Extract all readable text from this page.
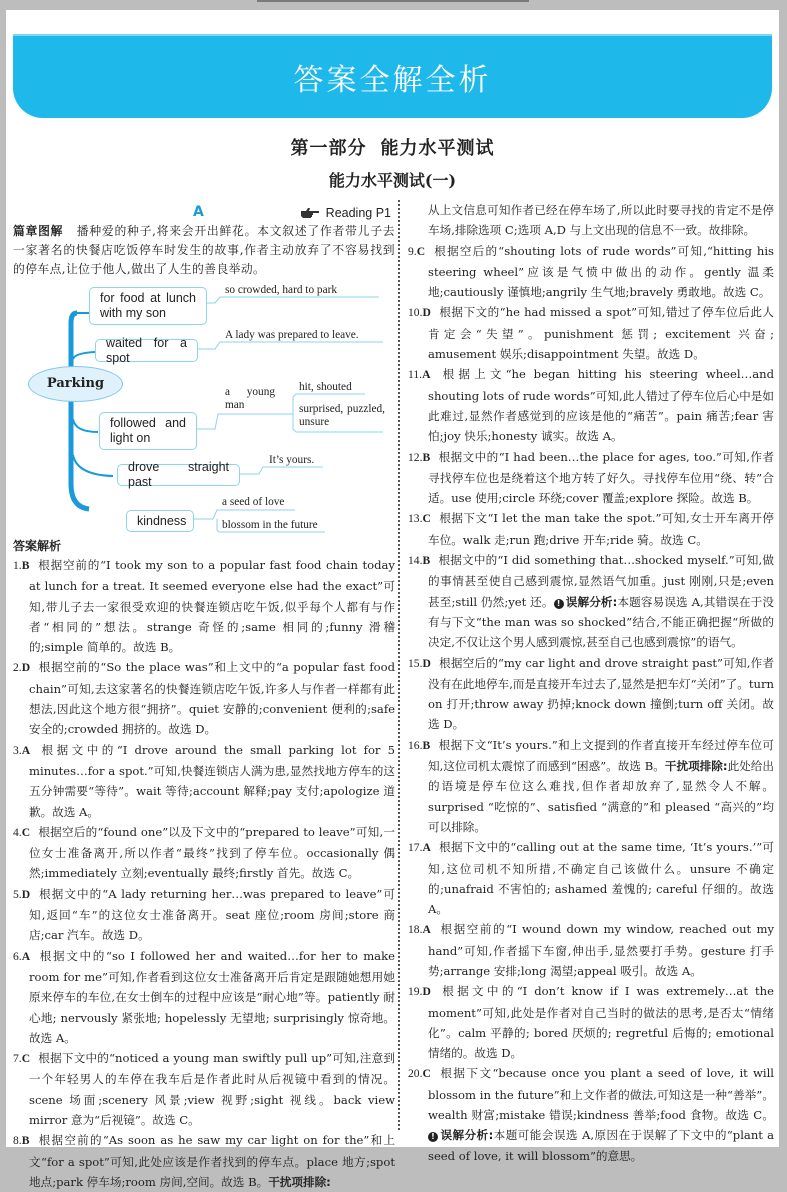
答案全解全析
第一部分 能力水平测试
能力水平测试(一)
A	Reading P1
篇章图解 播种爱的种子,将来会开出鲜花。本文叙述了作者带儿子去一家著名的快餐店吃饭停车时发生的故事,作者主动放弃了不容易找到的停车点,让位于他人,做出了人生的善良举动。
Parking
for food at lunch with my son
waited for a spot
followed and light on
drove straight past
kindness
so crowded, hard to park
A lady was prepared to leave.
a young man
hit, shouted
surprised, puzzled, unsure
It’s yours.
a seed of love
blossom in the future
答案解析
1.B 根据空前的“I took my son to a popular fast food chain today at lunch for a treat. It seemed everyone else had the exact”可知,带儿子去一家很受欢迎的快餐连锁店吃午饭,似乎每个人都有与作者“相同的”想法。strange 奇怪的;same 相同的;funny 滑稽的;simple 简单的。故选 B。
2.D 根据空前的“So the place was”和上文中的“a popular fast food chain”可知,去这家著名的快餐连锁店吃午饭,许多人与作者一样都有此想法,因此这个地方很“拥挤”。quiet 安静的;convenient 便利的;safe 安全的;crowded 拥挤的。故选 D。
3.A 根据文中的“I drove around the small parking lot for 5 minutes…for a spot.”可知,快餐连锁店人满为患,显然找地方停车的这五分钟需要“等待”。wait 等待;account 解释;pay 支付;apologize 道歉。故选 A。
4.C 根据空后的“found one”以及下文中的“prepared to leave”可知,一位女士准备离开,所以作者“最终”找到了停车位。occasionally 偶然;immediately 立刻;eventually 最终;firstly 首先。故选 C。
5.D 根据文中的“A lady returning her…was prepared to leave”可知,返回“车”的这位女士准备离开。seat 座位;room 房间;store 商店;car 汽车。故选 D。
6.A 根据文中的“so I followed her and waited…for her to make room for me”可知,作者看到这位女士准备离开后肯定是跟随她想用她原来停车的车位,在女士倒车的过程中应该是“耐心地”等。patiently 耐心地; nervously 紧张地; hopelessly 无望地; surprisingly 惊奇地。故选 A。
7.C 根据下文中的“noticed a young man swiftly pull up”可知,注意到一个年轻男人的车停在我车后是作者此时从后视镜中看到的情况。scene 场面;scenery 风景;view 视野;sight 视线。back view mirror 意为“后视镜”。故选 C。
8.B 根据空前的“As soon as he saw my car light on for the”和上文“for a spot”可知,此处应该是作者找到的停车点。place 地方;spot 地点;park 停车场;room 房间,空间。故选 B。干扰项排除:
从上文信息可知作者已经在停车场了,所以此时要寻找的肯定不是停车场,排除选项 C;选项 A,D 与上文出现的信息不一致。故排除。
9.C 根据空后的“shouting lots of rude words”可知,“hitting his steering wheel”应该是气愤中做出的动作。gently 温柔地;cautiously 谨慎地;angrily 生气地;bravely 勇敢地。故选 C。
10.D 根据下文的“he had missed a spot”可知,错过了停车位后此人肯定会“失望”。punishment 惩罚; excitement 兴奋; amusement 娱乐;disappointment 失望。故选 D。
11.A 根据上文“he began hitting his steering wheel…and shouting lots of rude words”可知,此人错过了停车位后心中是如此难过,显然作者感觉到的应该是他的“痛苦”。pain 痛苦;fear 害怕;joy 快乐;honesty 诚实。故选 A。
12.B 根据文中的“I had been…the place for ages, too.”可知,作者寻找停车位也是绕着这个地方转了好久。寻找停车位用“绕、转”合适。use 使用;circle 环绕;cover 覆盖;explore 探险。故选 B。
13.C 根据下文“I let the man take the spot.”可知,女士开车离开停车位。walk 走;run 跑;drive 开车;ride 骑。故选 C。
14.B 根据文中的“I did something that…shocked myself.”可知,做的事情甚至使自己感到震惊,显然语气加重。just 刚刚,只是;even 甚至;still 仍然;yet 还。 ! 误解分析:本题容易误选 A,其错误在于没有与下文“the man was so shocked”结合,不能正确把握“所做的决定,不仅让这个男人感到震惊,甚至自己也感到震惊”的语气。
15.D 根据空后的“my car light and drove straight past”可知,作者没有在此地停车,而是直接开车过去了,显然是把车灯“关闭”了。turn on 打开;throw away 扔掉;knock down 撞倒;turn off 关闭。故选 D。
16.B 根据下文“It’s yours.”和上文提到的作者直接开车经过停车位可知,这位司机太震惊了而感到“困惑”。故选 B。干扰项排除:此处给出的语境是停车位这么难找,但作者却放弃了,显然令人不解。surprised “吃惊的”、satisfied “满意的”和 pleased “高兴的”均可以排除。
17.A 根据下文中的“calling out at the same time, ‘It’s yours.’”可知,这位司机不知所措,不确定自己该做什么。unsure 不确定的;unafraid 不害怕的; ashamed 羞愧的; careful 仔细的。故选 A。
18.A 根据空前的“I wound down my window, reached out my hand”可知,作者摇下车窗,伸出手,显然要打手势。gesture 打手势;arrange 安排;long 渴望;appeal 吸引。故选 A。
19.D 根据文中的“I don’t know if I was extremely…at the moment”可知,此处是作者对自己当时的做法的思考,是否太“情绪化”。calm 平静的; bored 厌烦的; regretful 后悔的; emotional 情绪的。故选 D。
20.C 根据下文“because once you plant a seed of love, it will blossom in the future”和上文作者的做法,可知这是一种“善举”。wealth 财富;mistake 错误;kindness 善举;food 食物。故选 C。! 误解分析:本题可能会误选 A,原因在于误解了下文中的“plant a seed of love, it will blossom”的意思。
